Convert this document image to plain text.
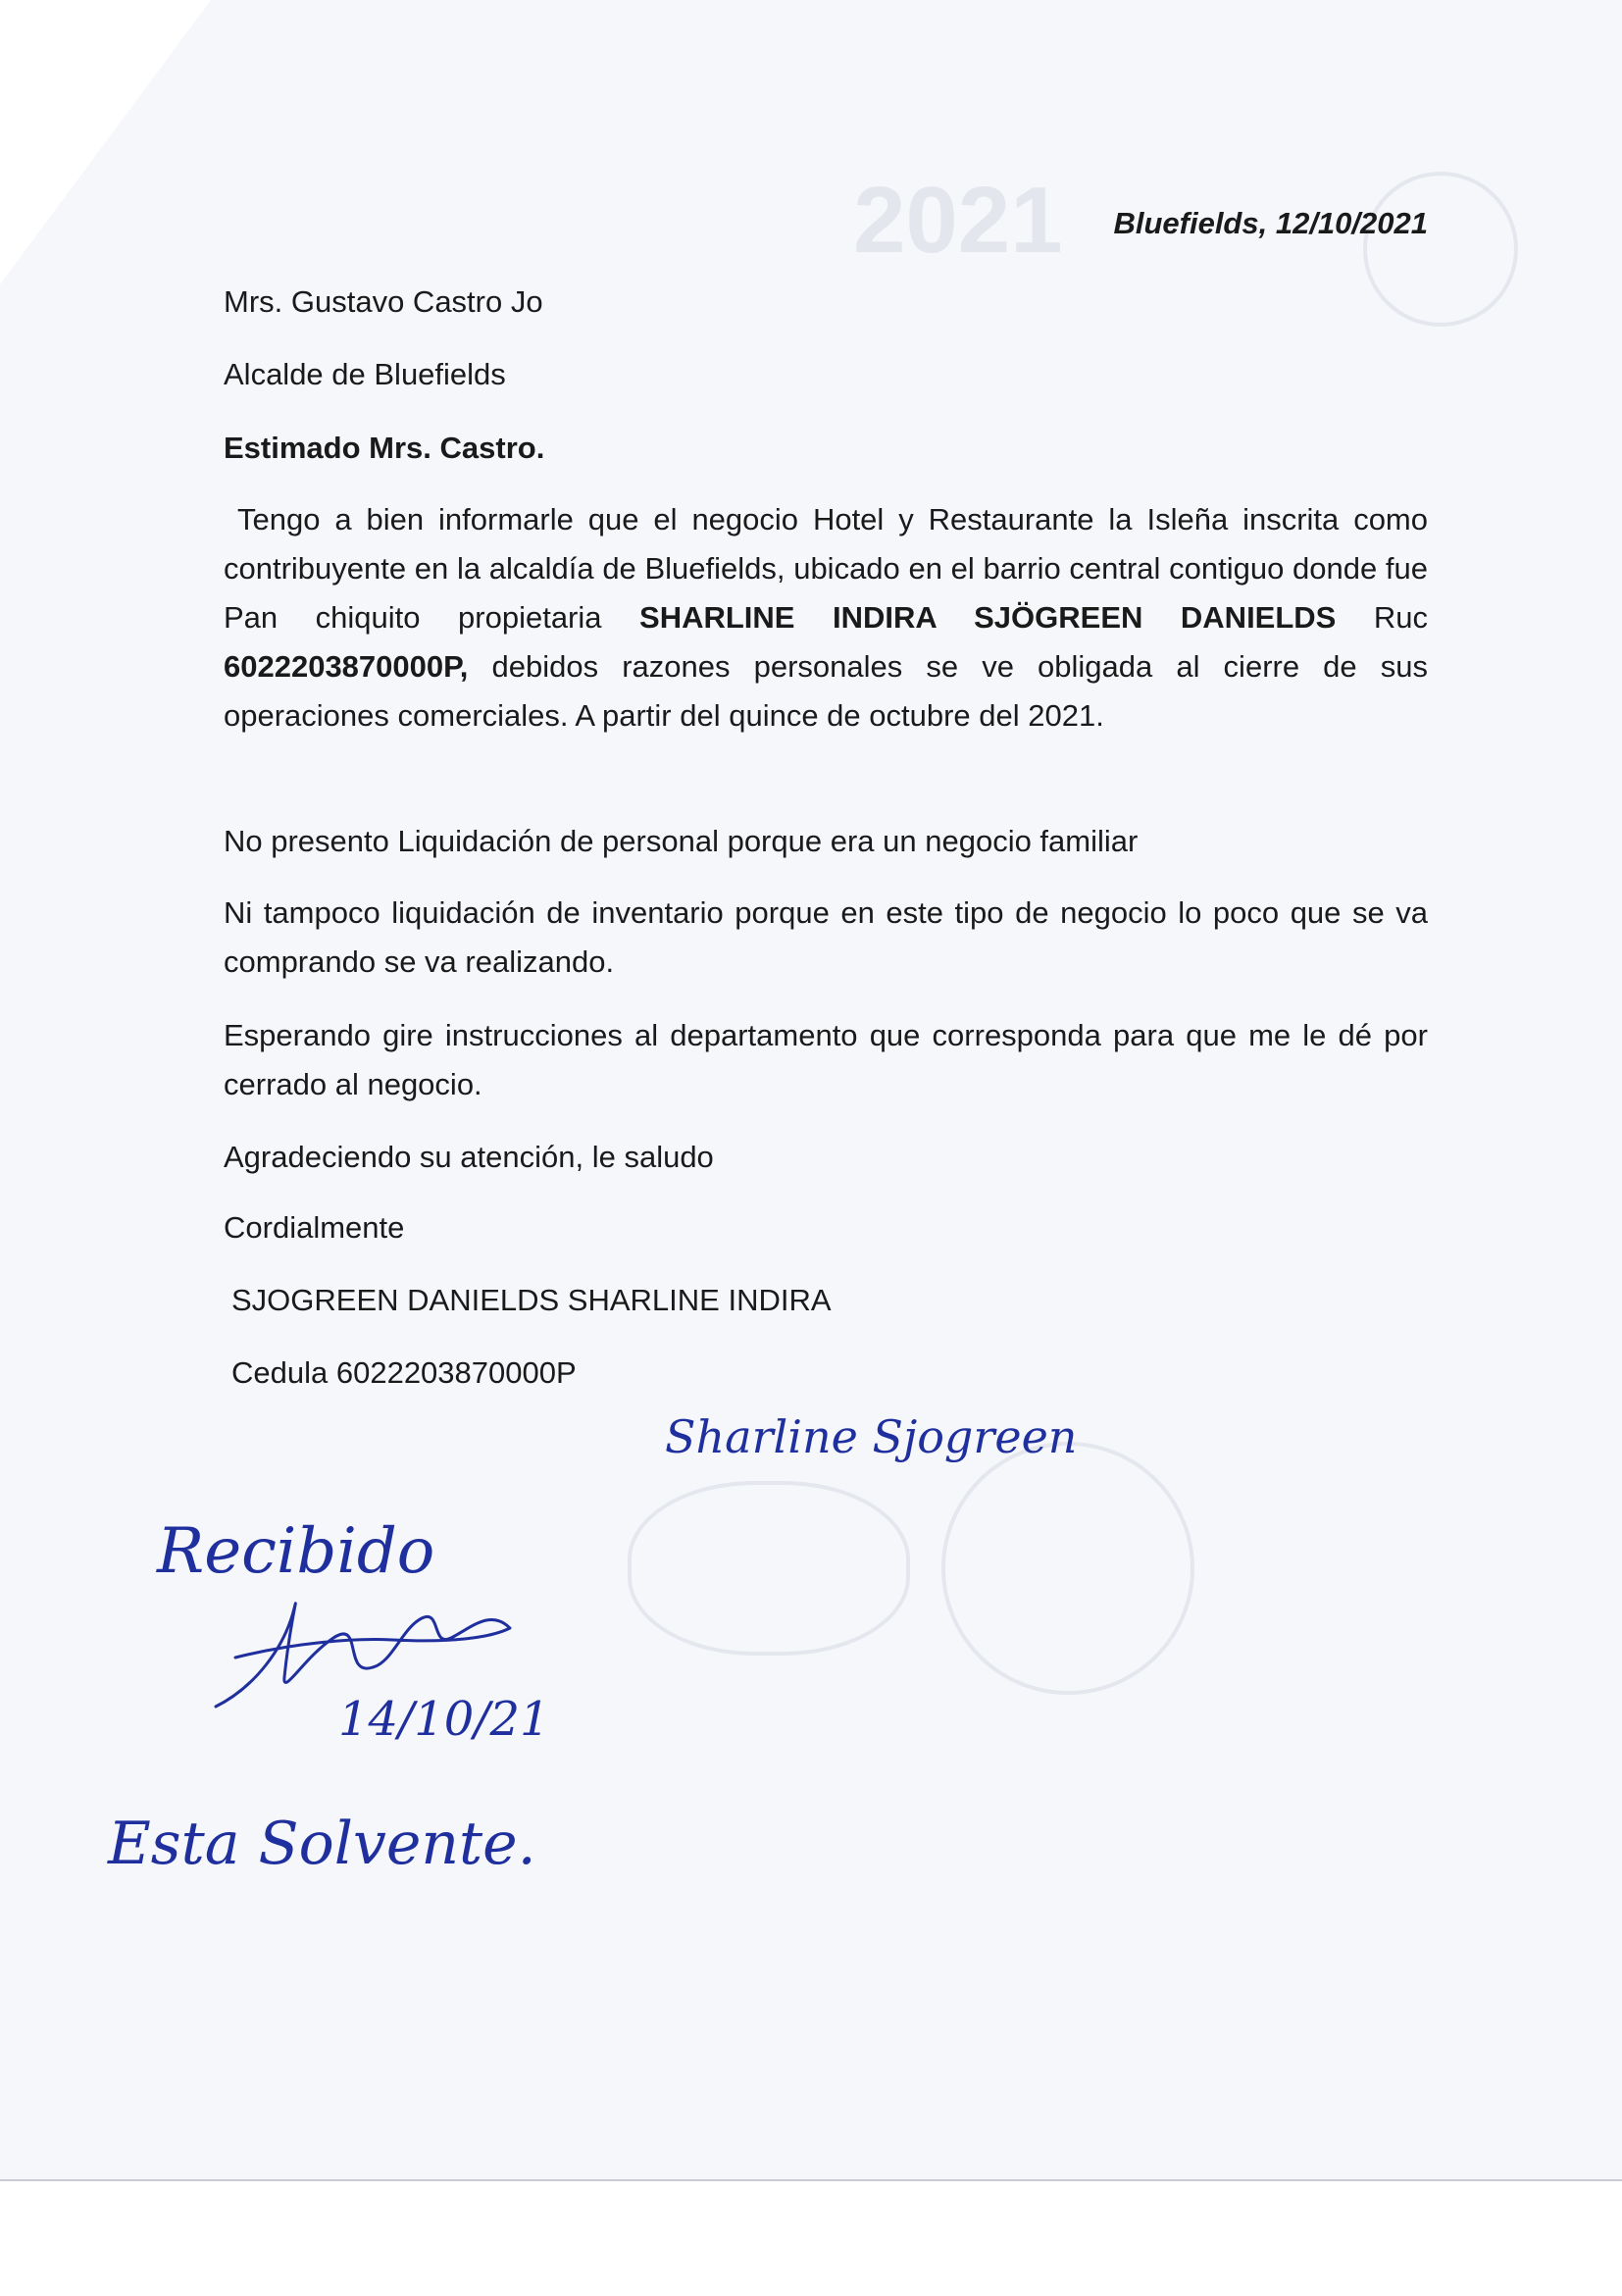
2021 Bluefields, 12/10/2021
Mrs. Gustavo Castro Jo
Alcalde de Bluefields
Estimado Mrs. Castro.
Tengo a bien informarle que el negocio Hotel y Restaurante la Isleña inscrita como contribuyente en la alcaldía de Bluefields, ubicado en el barrio central contiguo donde fue Pan chiquito propietaria SHARLINE INDIRA SJÖGREEN DANIELDS Ruc 6022203870000P, debidos razones personales se ve obligada al cierre de sus operaciones comerciales. A partir del quince de octubre del 2021.
No presento Liquidación de personal porque era un negocio familiar
Ni tampoco liquidación de inventario porque en este tipo de negocio lo poco que se va comprando se va realizando.
Esperando gire instrucciones al departamento que corresponda para que me le dé por cerrado al negocio.
Agradeciendo su atención, le saludo
Cordialmente
SJOGREEN DANIELDS SHARLINE INDIRA
Cedula 6022203870000P
Sharline Sjogreen
Recibido
14/10/21
Esta Solvente.
